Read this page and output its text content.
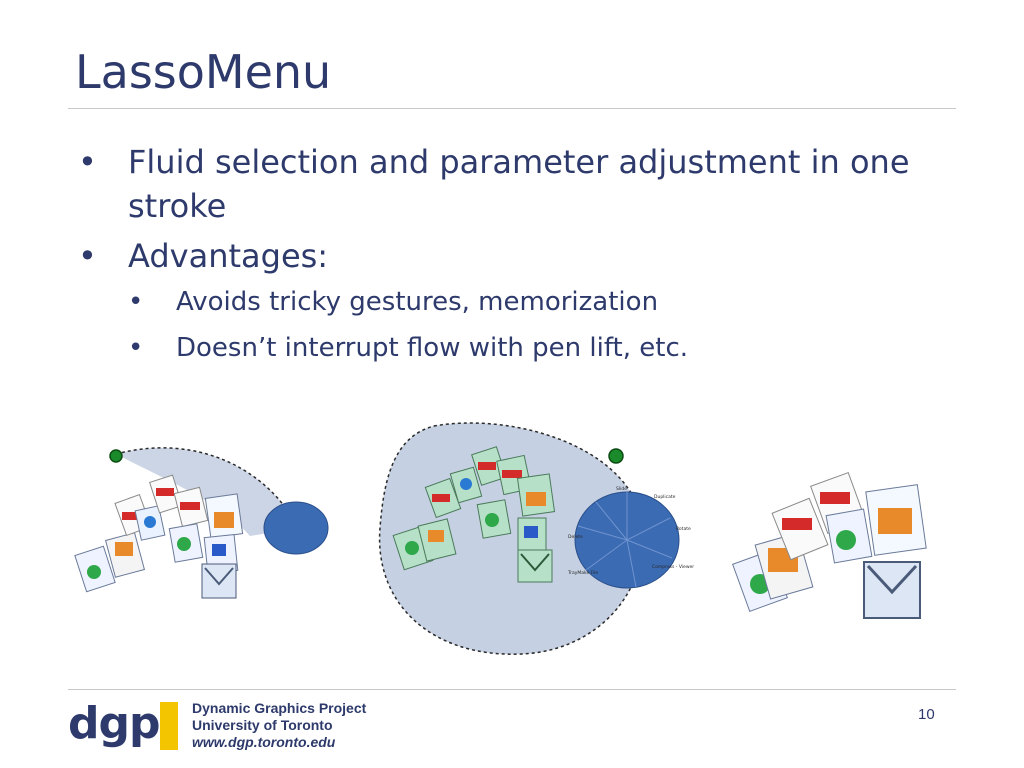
LassoMenu
• Fluid selection and parameter adjustment in one stroke
• Advantages:
• Avoids tricky gestures, memorization
• Doesn’t interrupt flow with pen lift, etc.
Duplicate
Slide
Rotate
Delete
Compress - Viewer
TrayMake File
dgp Dynamic Graphics Project
University of Toronto
www.dgp.toronto.edu
10
